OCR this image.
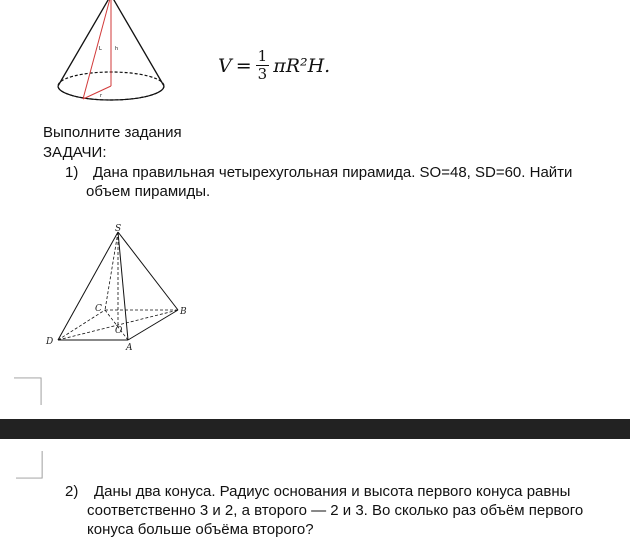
L	h
r
$V = \frac{1}{3} \pi R^2H$.
Выполните задания
ЗАДАЧИ:
1) Дана правильная четырехугольная пирамида. SO=48, SD=60. Найти
объем пирамиды.
S
C	B
O
D
A
2) Даны два конуса. Радиус основания и высота первого конуса равны
соответственно 3 и 2, а второго — 2 и 3. Во сколько раз объём первого
конуса больше объёма второго?
